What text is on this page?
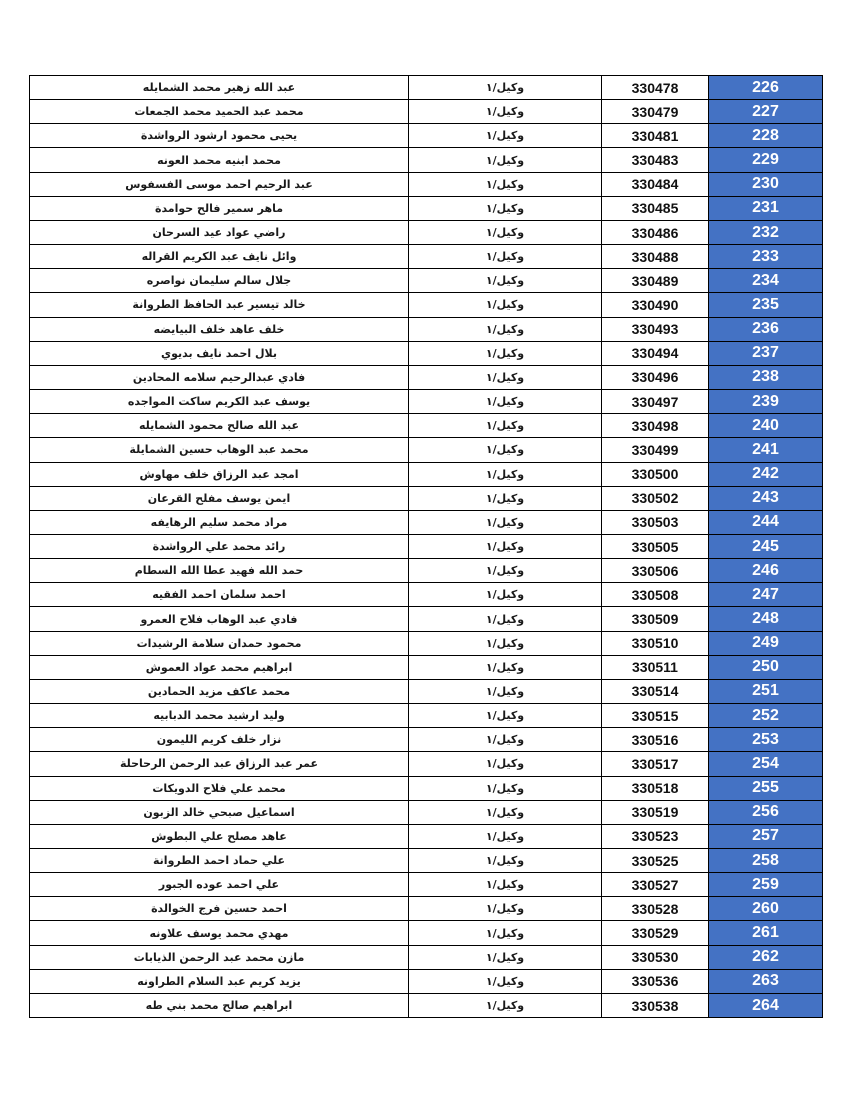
عبد الله زهير محمد الشمايله	وكيل/١	330478	226
محمد عبد الحميد محمد الجمعات	وكيل/١	330479	227
يحيى محمود ارشود الرواشدة	وكيل/١	330481	228
محمد ابنيه محمد العونه	وكيل/١	330483	229
عبد الرحيم احمد موسى الفسفوس	وكيل/١	330484	230
ماهر سمير فالح حوامدة	وكيل/١	330485	231
راضي عواد عيد السرحان	وكيل/١	330486	232
وائل نايف عبد الكريم القراله	وكيل/١	330488	233
جلال سالم سليمان نواصره	وكيل/١	330489	234
خالد تيسير عبد الحافظ الطروانة	وكيل/١	330490	235
خلف عاهد خلف البيايضه	وكيل/١	330493	236
بلال احمد نايف بديوي	وكيل/١	330494	237
فادي عبدالرحيم سلامه المحادين	وكيل/١	330496	238
يوسف عبد الكريم ساكت المواجده	وكيل/١	330497	239
عبد الله صالح محمود الشمايله	وكيل/١	330498	240
محمد عبد الوهاب حسين الشمايلة	وكيل/١	330499	241
امجد عبد الرزاق خلف مهاوش	وكيل/١	330500	242
ايمن يوسف مفلح القرعان	وكيل/١	330502	243
مراد محمد سليم الرهايفه	وكيل/١	330503	244
رائد محمد علي الرواشدة	وكيل/١	330505	245
حمد الله فهيد عطا الله السطام	وكيل/١	330506	246
احمد سلمان احمد الفقيه	وكيل/١	330508	247
فادي عبد الوهاب فلاح العمرو	وكيل/١	330509	248
محمود حمدان سلامة الرشيدات	وكيل/١	330510	249
ابراهيم محمد عواد العموش	وكيل/١	330511	250
محمد عاكف مزيد الحمادين	وكيل/١	330514	251
وليد ارشيد محمد الدبابيه	وكيل/١	330515	252
نزار خلف كريم الليمون	وكيل/١	330516	253
عمر عبد الرزاق عبد الرحمن الرحاحلة	وكيل/١	330517	254
محمد علي فلاح الدويكات	وكيل/١	330518	255
اسماعيل صبحي خالد الزبون	وكيل/١	330519	256
عاهد مصلح علي البطوش	وكيل/١	330523	257
علي حماد احمد الطروانة	وكيل/١	330525	258
علي احمد عوده الجبور	وكيل/١	330527	259
احمد حسين فرج الخوالدة	وكيل/١	330528	260
مهدي محمد يوسف علاونه	وكيل/١	330529	261
مازن محمد عبد الرحمن الذيابات	وكيل/١	330530	262
يزيد كريم عبد السلام الطراونه	وكيل/١	330536	263
ابراهيم صالح محمد بني طه	وكيل/١	330538	264
